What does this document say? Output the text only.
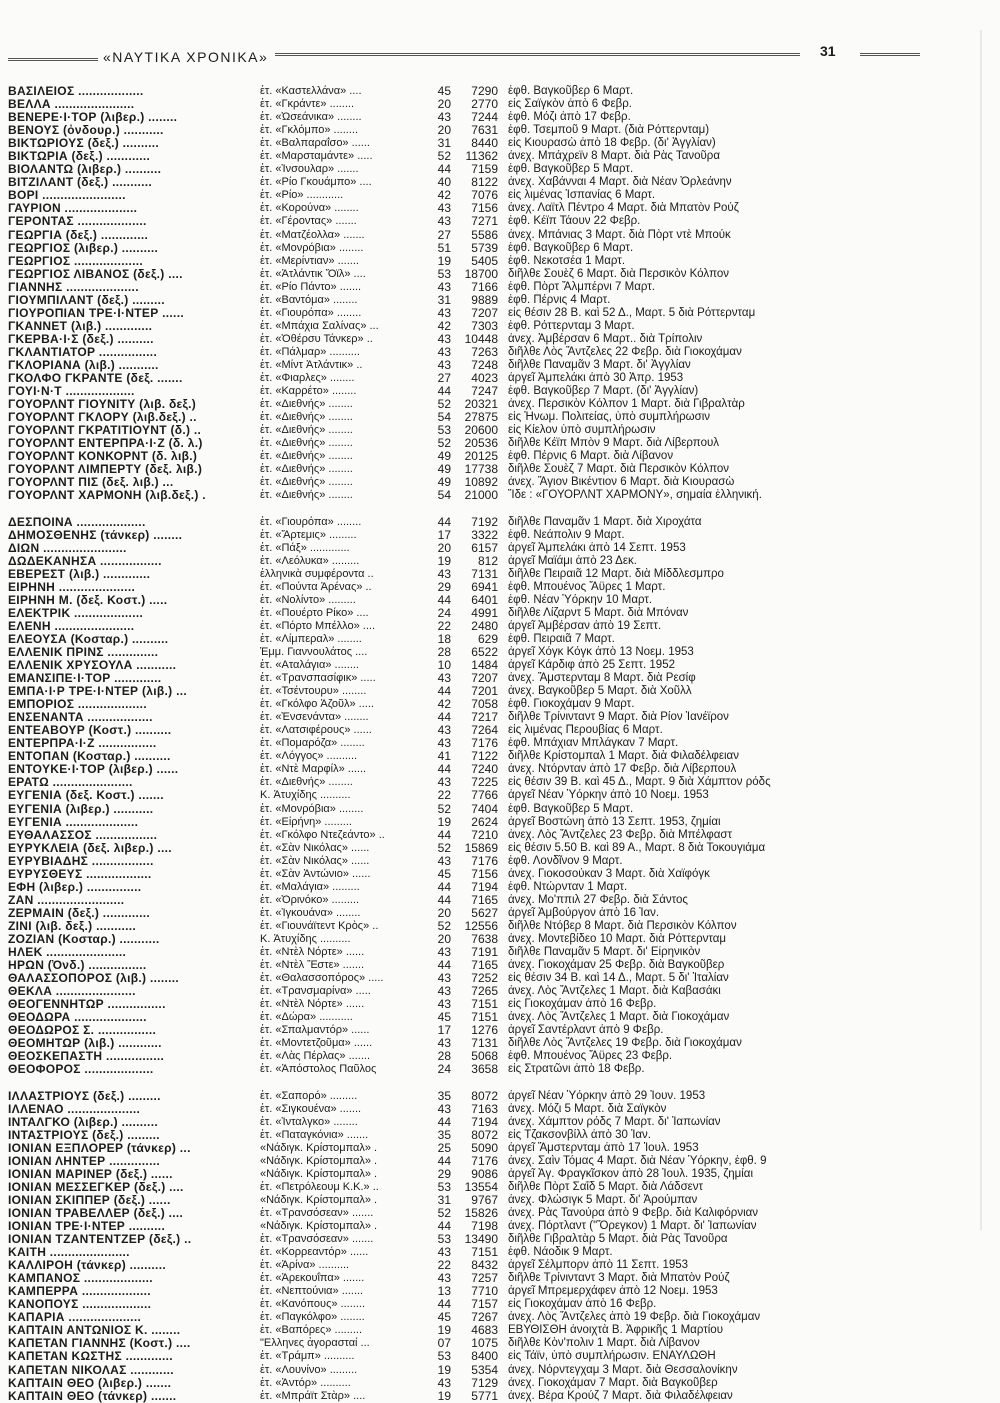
«ΝΑΥΤΙΚΑ ΧΡΟΝΙΚΑ»	31
ΒΑΣΙΛΕΙΟΣ ..................	ἐτ. «Καστελλάνα» ....	45	7290 ἐφθ. Βαγκοῦβερ 6 Μαρτ.
ΒΕΛΛΑ ......................	ἐτ. «Γκράντε» ........	20	2770 εἰς Σαϊγκὸν ἀπὸ 6 Φεβρ.
ΒΕΝΕΡΕ·Ι·ΤΟΡ (λιβερ.) ........	ἐτ. «Ὠσεάνικα» ........	43	7244 ἐφθ. Μόζι ἀπὸ 17 Φεβρ.
ΒΕΝΟΥΣ (ὀνδουρ.) ...........	ἐτ. «Γκλόμπο» ........	20	7631 ἐφθ. Τσεμποῦ 9 Μαρτ. (διὰ Ρόττερνταμ)
ΒΙΚΤΩΡΙΟΥΣ (δεξ.) ..........	ἐτ. «Βαλπαραΐσο» ......	31	8440 εἰς Κιουρασὼ ἀπὸ 18 Φεβρ. (δι' Ἀγγλίαν)
ΒΙΚΤΩΡΙΑ (δεξ.) ............	ἐτ. «Μαρσταμάντε» .....	52	11362 ἀνεχ. Μπάχρεϊν 8 Μαρτ. διὰ Ρὰς Τανοῦρα
ΒΙΟΛΑΝΤΩ (λιβερ.) ..........	ἐτ. «Ἰνσουλαρ» .......	44	7159 ἐφθ. Βαγκοῦβερ 5 Μαρτ.
ΒΙΤΖΙΛΑΝΤ (δεξ.) ...........	ἐτ. «Ρίο Γκουάμπο» ....	40	8122 ἀνεχ. Χαβάνναι 4 Μαρτ. διὰ Νέαν Ὀρλεάνην
ΒΟΡΙ .......................	ἐτ. «Ρίο» ............	42	7076 εἰς λιμένας Ἱσπανίας 6 Μαρτ.
ΓΑΥΡΙΟΝ ....................	ἐτ. «Κορούνα» ........	43	7156 ἀνεχ. Λαϊτλ Πέντρο 4 Μαρτ. διὰ Μπατὸν Ρούζ
ΓΕΡΟΝΤΑΣ ...................	ἐτ. «Γέροντας» .......	43	7271 ἐφθ. Κέϊπ Τάουν 22 Φεβρ.
ΓΕΩΡΓΙΑ (δεξ.) .............	ἐτ. «Ματζέολλα» .......	27	5586 ἀνεχ. Μπάνιας 3 Μαρτ. διὰ Πὸρτ ντὲ Μπούκ
ΓΕΩΡΓΙΟΣ (λιβερ.) ..........	ἐτ. «Μονρόβια» ........	51	5739 ἐφθ. Βαγκοῦβερ 6 Μαρτ.
ΓΕΩΡΓΙΟΣ ...................	ἐτ. «Μερίντιαν» .......	19	5405 ἐφθ. Νεκοτσέα 1 Μαρτ.
ΓΕΩΡΓΙΟΣ ΛΙΒΑΝΟΣ (δεξ.) ....	ἐτ. «Ἀτλάντικ Ὄϊλ» ....	53	18700 διῆλθε Σουὲζ 6 Μαρτ. διὰ Περσικὸν Κόλπον
ΓΙΑΝΝΗΣ ....................	ἐτ. «Ρίο Πάντο» .......	43	7166 ἐφθ. Πὸρτ Ἄλμπέρνι 7 Μαρτ.
ΓΙΟΥΜΠΙΛΑΝΤ (δεξ.) .........	ἐτ. «Βαντόμα» ........	31	9889 ἐφθ. Πέρνις 4 Μαρτ.
ΓΙΟΥΡΟΠΙΑΝ ΤΡΕ·Ι·ΝΤΕΡ ......	ἐτ. «Γιουρόπα» ........	43	7207 εἰς θέσιν 28 Β. καὶ 52 Δ., Μαρτ. 5 διὰ Ρόττερνταμ
ΓΚΑΝΝΕΤ (λιβ.) .............	ἐτ. «Μπάχια Σαλίνας» ...	42	7303 ἐφθ. Ρόττερνταμ 3 Μαρτ.
ΓΚΕΡΒΑ·Ι·Σ (δεξ.) ..........	ἐτ. «Ὀθέρσυ Τάνκερ» ..	43	10448 ἀνεχ. Ἀμβέρσαν 6 Μαρτ.. διὰ Τρίπολιν
ΓΚΛΑΝΤΙΑΤΟΡ ................	ἐτ. «Πάλμαρ» ..........	43	7263 διῆλθε Λὸς Ἄντζελες 22 Φεβρ. διὰ Γιοκοχάμαν
ΓΚΛΟΡΙΑΝΑ (λιβ.) ...........	ἐτ. «Μίντ Ἀτλάντικ» ..	43	7248 διῆλθε Παναμᾶν 3 Μαρτ. δι' Ἀγγλίαν
ΓΚΟΛΦΟ ΓΚΡΑΝΤΕ (δεξ. .......	ἐτ. «Φιαρλες» ........	27	4023 ἀργεῖ Ἀμπελάκι ἀπὸ 30 Ἀπρ. 1953
ΓΟΥΙ·Ν·Τ ...................	ἐτ. «Καρρέτο» ........	44	7247 ἐφθ. Βαγκοῦβερ 7 Μαρτ. (δι' Ἀγγλίαν)
ΓΟΥΟΡΛΝΤ ΓΙΟΥΝΙΤΥ (λιβ. δεξ.)	ἐτ. «Διεθνής» ........	52	20321 ἀνεχ. Περσικὸν Κόλπον 1 Μαρτ. διὰ Γιβραλτὰρ
ΓΟΥΟΡΛΝΤ ΓΚΛΟΡΥ (λιβ.δεξ.) ..	ἐτ. «Διεθνής» ........	54	27875 εἰς Ἡνωμ. Πολιτείας, ὑπὸ συμπλήρωσιν
ΓΟΥΟΡΛΝΤ ΓΚΡΑΤΙΤΙΟΥΝΤ (δ.) ..	ἐτ. «Διεθνής» ........	53	20600 εἰς Κίελον ὑπὸ συμπλήρωσιν
ΓΟΥΟΡΛΝΤ ΕΝΤΕΡΠΡΑ·Ι·Ζ (δ. λ.)	ἐτ. «Διεθνής» ........	52	20536 διῆλθε Κέϊπ Μπὸν 9 Μαρτ. διὰ Λίβερπουλ
ΓΟΥΟΡΛΝΤ ΚΟΝΚΟΡΝΤ (δ. λιβ.)	ἐτ. «Διεθνής» ........	49	20125 ἐφθ. Πέρνις 6 Μαρτ. διὰ Λίβανον
ΓΟΥΟΡΛΝΤ ΛΙΜΠΕΡΤΥ (δεξ. λιβ.)	ἐτ. «Διεθνής» ........	49	17738 διῆλθε Σουὲζ 7 Μαρτ. διὰ Περσικὸν Κόλπον
ΓΟΥΟΡΛΝΤ ΠΙΣ (δεξ. λιβ.) ...	ἐτ. «Διεθνής» ........	49	10892 ἀνεχ. Ἅγιον Βικέντιον 6 Μαρτ. διὰ Κιουρασὼ
ΓΟΥΟΡΛΝΤ ΧΑΡΜΟΝΗ (λιβ.δεξ.) .	ἐτ. «Διεθνής» ........	54	21000 Ἴδε : «ΓΟΥΟΡΛΝΤ ΧΑΡΜΟΝΥ», σημαία ἑλληνική.
ΔΕΣΠΟΙΝΑ ...................	ἐτ. «Γιουρόπα» ........	44	7192 διῆλθε Παναμᾶν 1 Μαρτ. διὰ Χιροχάτα
ΔΗΜΟΣΘΕΝΗΣ (τάνκερ) ........	ἐτ. «Ἄρτεμις» .........	17	3322 ἐφθ. Νεάπολιν 9 Μαρτ.
ΔΙΩΝ .......................	ἐτ. «Πάξ» .............	20	6157 ἀργεῖ Ἀμπελάκι ἀπὸ 14 Σεπτ. 1953
ΔΩΔΕΚΑΝΗΣΑ .................	ἐτ. «Λεόλυκα» .........	19	812 ἀργεῖ Μαϊάμι ἀπὸ 23 Δεκ.
ΕΒΕΡΕΣΤ (λιβ.) .............	ἑλληνικὰ συμφέροντα ..	43	7131 διῆλθε Πειραιᾶ 12 Μαρτ. διὰ Μίδδλεσμπρο
ΕΙΡΗΝΗ .....................	ἐτ. «Πούντα Ἀρένας» ..	29	6941 ἐφθ. Μπουένος Ἄϋρες 1 Μαρτ.
ΕΙΡΗΝΗ Μ. (δεξ. Κοστ.) .....	ἐτ. «Νολίντο» .........	44	6401 ἐφθ. Νέαν Ὑόρκην 10 Μαρτ.
ΕΛΕΚΤΡΙΚ ...................	ἐτ. «Πουέρτο Ρίκο» ....	24	4991 διῆλθε Λίζαρντ 5 Μαρτ. διὰ Μπόναν
ΕΛΕΝΗ ......................	ἐτ. «Πόρτο Μπέλλο» ....	22	2480 ἀργεῖ Ἀμβέρσαν ἀπὸ 19 Σεπτ.
ΕΛΕΟΥΣΑ (Κοσταρ.) ..........	ἐτ. «Λίμπεραλ» ........	18	629 ἐφθ. Πειραιᾶ 7 Μαρτ.
ΕΛΛΕΝΙΚ ΠΡΙΝΣ ..............	Ἐμμ. Γιαννουλάτος ....	28	6522 ἀργεῖ Χόγκ Κόγκ ἀπὸ 13 Νοεμ. 1953
ΕΛΛΕΝΙΚ ΧΡΥΣΟΥΛΑ ...........	ἐτ. «Αταλάγια» ........	10	1484 ἀργεῖ Κάρδιφ ἀπὸ 25 Σεπτ. 1952
ΕΜΑΝΣΙΠΕ·Ι·ΤΟΡ .............	ἐτ. «Τρανσπασίφικ» .....	43	7207 ἀνεχ. Ἄμστερνταμ 8 Μαρτ. διὰ Ρεσίφ
ΕΜΠΑ·Ι·Ρ ΤΡΕ·Ι·ΝΤΕΡ (λιβ.) ...	ἐτ. «Τσέντουρυ» ........	44	7201 ἀνεχ. Βαγκοῦβερ 5 Μαρτ. διὰ Χοῦλλ
ΕΜΠΟΡΙΟΣ ...................	ἐτ. «Γκόλφο Ἀζοῦλ» .....	42	7058 ἐφθ. Γιοκοχάμαν 9 Μαρτ.
ΕΝΣΕΝΑΝΤΑ ..................	ἐτ. «Ἐνσενάντα» ........	44	7217 διῆλθε Τρίνινταντ 9 Μαρτ. διὰ Ρίον Ἰανέϊρον
ΕΝΤΕΑΒΟΥΡ (Κοστ.) ..........	ἐτ. «Λατσιφέρους» ......	43	7264 εἰς λιμένας Περουβίας 6 Μαρτ.
ΕΝΤΕΡΠΡΑ·Ι·Ζ ................	ἐτ. «Πομαρόζα» ........	43	7176 ἐφθ. Μπάχιαν Μπλάγκαν 7 Μαρτ.
ΕΝΤΟΠΑΝ (Κοσταρ.) ..........	ἐτ. «Λόγγος» ..........	41	7122 διῆλθε Κρίστομπαλ 1 Μαρτ. διὰ Φιλαδέλφειαν
ΕΝΤΟΥΚΕ·Ι·ΤΟΡ (λιβερ.) ......	ἐτ. «Ντὲ Μαρφίλ» ......	44	7240 ἀνεχ. Ντόρνταν ἀπὸ 17 Φεβρ. διὰ Λίβερπουλ
ΕΡΑΤΩ ......................	ἐτ. «Διεθνής» ........	43	7225 εἰς θέσιν 39 Β. καὶ 45 Δ., Μαρτ. 9 διὰ Χάμπτον ρόδς
ΕΥΓΕΝΙΑ (δεξ. Κοστ.) .......	Κ. Ἀτυχίδης ..........	22	7766 ἀργεῖ Νέαν Ὑόρκην ἀπὸ 10 Νοεμ. 1953
ΕΥΓΕΝΙΑ (λιβερ.) ...........	ἐτ. «Μονρόβια» ........	52	7404 ἐφθ. Βαγκοῦβερ 5 Μαρτ.
ΕΥΓΕΝΙΑ ....................	ἐτ. «Εἰρήνη» .........	19	2624 ἀργεῖ Βοστώνη ἀπὸ 13 Σεπτ. 1953, ζημίαι
ΕΥΘΑΛΑΣΣΟΣ .................	ἐτ. «Γκόλφο Ντεζεάντο» ..	44	7210 ἀνεχ. Λὸς Ἄντζελες 23 Φεβρ. διὰ Μπέλφαστ
ΕΥΡΥΚΛΕΙΑ (δεξ. λιβερ.) ....	ἐτ. «Σὰν Νικόλας» ......	52	15869 εἰς θέσιν 5.50 Β. καὶ 89 Α., Μαρτ. 8 διὰ Τοκουγιάμα
ΕΥΡΥΒΙΑΔΗΣ .................	ἐτ. «Σὰν Νικόλας» ......	43	7176 ἐφθ. Λονδῖνον 9 Μαρτ.
ΕΥΡΥΣΘΕΥΣ ..................	ἐτ. «Σὰν Ἀντώνιο» ......	45	7156 ἀνεχ. Γιοκοσούκαν 3 Μαρτ. διὰ Χαϊφόγκ
ΕΦΗ (λιβερ.) ...............	ἐτ. «Μαλάγια» .........	44	7194 ἐφθ. Ντώρνταν 1 Μαρτ.
ΖΑΝ ........................	ἐτ. «Ὀρινόκο» .........	44	7165 ἀνεχ. Μο'ππιλ 27 Φεβρ. διὰ Σάντος
ΖΕΡΜΑΙΝ (δεξ.) .............	ἐτ. «Ἰγκουάνα» ........	20	5627 ἀργεῖ Ἀμβούργον ἀπὸ 16 Ἰαν.
ΖΙΝΙ (λιβ. δεξ.) ...........	ἐτ. «Γιουνάϊτεντ Κρὸς» ..	52	12556 διῆλθε Ντόβερ 8 Μαρτ. διὰ Περσικὸν Κόλπον
ΖΟΖΙΑΝ (Κοσταρ.) ...........	Κ. Ἀτυχίδης ..........	20	7638 ἀνεχ. Μοντεβίδεο 10 Μαρτ. διὰ Ρόττερνταμ
ΗΛΕΚ ......................	ἐτ. «Ντὲλ Νόρτε» ......	43	7191 διῆλθε Παναμᾶν 5 Μαρτ. δι' Εἰρηνικὸν
ΗΡΩΝ (Ὀνδ.) ................	ἐτ. «Ντὲλ Ἔστε» .......	44	7165 ἀνεχ. Γιοκοχάμαν 25 Φεβρ. διὰ Βαγκοῦβερ
ΘΑΛΑΣΣΟΠΟΡΟΣ (λιβ.) ........	ἐτ. «Θαλασσοπόρος» .....	43	7252 εἰς θέσιν 34 Β. καὶ 14 Δ., Μαρτ. 5 δι' Ἰταλίαν
ΘΕΚΛΑ ......................	ἐτ. «Τρανσμαρίνα» .....	43	7265 ἀνεχ. Λὸς Ἄντζελες 1 Μαρτ. διὰ Καβασάκι
ΘΕΟΓΕΝΝΗΤΩΡ ................	ἐτ. «Ντὲλ Νόρτε» ......	43	7151 εἰς Γιοκοχάμαν ἀπὸ 16 Φεβρ.
ΘΕΟΔΩΡΑ ....................	ἐτ. «Δώρα» ...........	45	7151 ἀνεχ. Λὸς Ἄντζελες 1 Μαρτ. διὰ Γιοκοχάμαν
ΘΕΟΔΩΡΟΣ Σ. ................	ἐτ. «Σπαλμαντόρ» ......	17	1276 ἀργεῖ Σαντέρλαντ ἀπὸ 9 Φεβρ.
ΘΕΟΜΗΤΩΡ (λιβ.) ............	ἐτ. «Μοντετζοῦμα» ......	43	7131 διῆλθε Λὸς Ἄντζελες 19 Φεβρ. διὰ Γιοκοχάμαν
ΘΕΟΣΚΕΠΑΣΤΗ ................	ἐτ. «Λὰς Πέρλας» .......	28	5068 ἐφθ. Μπουένος Ἄϋρες 23 Φεβρ.
ΘΕΟΦΟΡΟΣ ...................	ἐτ. «Ἀπόστολος Παῦλος	24	3658 εἰς Στρατῶνι ἀπὸ 18 Φεβρ.
ΙΛΛΑΣΤΡΙΟΥΣ (δεξ.) .........	ἐτ. «Σαπορό» .........	35	8072 ἀργεῖ Νέαν Ὑόρκην ἀπὸ 29 Ἰουν. 1953
ΙΛΛΕΝΑΟ ....................	ἐτ. «Σιγκουένα» .......	43	7163 ἀνεχ. Μόζι 5 Μαρτ. διὰ Σαϊγκὸν
ΙΝΤΑΛΓΚΟ (λιβερ.) ..........	ἐτ. «Ἰνταλγκο» ........	44	7194 ἀνεχ. Χάμπτον ρόδς 7 Μαρτ. δι' Ἰαπωνίαν
ΙΝΤΑΣΤΡΙΟΥΣ (δεξ.) .........	ἐτ. «Παταγκόνια» .......	35	8072 εἰς Τζακσονβίλλ ἀπὸ 30 Ἰαν.
ΙΟΝΙΑΝ ΕΞΠΛΟΡΕΡ (τάνκερ) ...	«Νάδιγκ. Κρίστομπαλ» .	25	5090 ἀργεῖ Ἄμστερνταμ ἀπὸ 17 Ἰουλ. 1953
ΙΟΝΙΑΝ ΛΗΝΤΕΡ ..............	«Νάδιγκ. Κρίστομπαλ» .	44	7176 ἀνεχ. Σαὶν Τόμας 4 Μαρτ. διὰ Νέαν Ὑόρκην, ἐφθ. 9
ΙΟΝΙΑΝ ΜΑΡΙΝΕΡ (δεξ.) ......	«Νάδιγκ. Κρίστομπαλ» .	29	9086 ἀργεῖ Ἀγ. Φραγκῖσκον ἀπὸ 28 Ἰουλ. 1935, ζημίαι
ΙΟΝΙΑΝ ΜΕΣΣΕΓΚΕΡ (δεξ.) ....	ἐτ. «Πετρόλεουμ Κ.Κ.» ..	53	13554 διῆλθε Πὸρτ Σαΐδ 5 Μαρτ. διὰ Λάδσεντ
ΙΟΝΙΑΝ ΣΚΙΠΠΕΡ (δεξ.) ......	«Νάδιγκ. Κρίστομπαλ» .	31	9767 ἀνεχ. Φλώσιγκ 5 Μαρτ. δι' Ἀρούμπαν
ΙΟΝΙΑΝ ΤΡΑΒΕΛΛΕΡ (δεξ.) ....	ἐτ. «Τρανσόσεαν» .......	52	15826 ἀνεχ. Ρὰς Τανούρα ἀπὸ 9 Φεβρ. διὰ Καλιφόρνιαν
ΙΟΝΙΑΝ ΤΡΕ·Ι·ΝΤΕΡ ..........	«Νάδιγκ. Κρίστομπαλ» .	44	7198 ἀνεχ. Πόρτλαντ ("Ὄρεγκον) 1 Μαρτ. δι' Ἰαπωνίαν
ΙΟΝΙΑΝ ΤΖΑΝΤΕΝΤΖΕΡ (δεξ.) ..	ἐτ. «Τρανσόσεαν» .......	53	13490 διῆλθε Γιβραλτὰρ 5 Μαρτ. διὰ Ρὰς Τανοῦρα
ΚΑΙΤΗ ......................	ἐτ. «Κορρεαντόρ» ......	43	7151 ἐφθ. Νάοδικ 9 Μαρτ.
ΚΑΛΛΙΡΟΗ (τάνκερ) ..........	ἐτ. «Ἀρίνα» ..........	22	8432 ἀργεῖ Σέλμπορν ἀπὸ 11 Σεπτ. 1953
ΚΑΜΠΑΝΟΣ ...................	ἐτ. «Ἀρεκουΐπα» .......	43	7257 διῆλθε Τρίνινταντ 3 Μαρτ. διὰ Μπατὸν Ρούζ
ΚΑΜΠΕΡΡΑ ...................	ἐτ. «Νεπτούνια» .......	13	7710 ἀργεῖ Μπρεμερχάφεν ἀπὸ 12 Νοεμ. 1953
ΚΑΝΟΠΟΥΣ ...................	ἐτ. «Κανόπους» ........	44	7157 εἰς Γιοκοχάμαν ἀπὸ 16 Φεβρ.
ΚΑΠΑΡΙΑ ....................	ἐτ. «Παγκόλφο» ........	45	7267 ἀνεχ. Λὸς Ἄντζελες ἀπὸ 19 Φεβρ. διὰ Γιοκοχάμαν
ΚΑΠΤΑΙΝ ΑΝΤΩΝΙΟΣ Κ. ........	ἐτ. «Βαπόρες» .........	19	4683 ΕΒΥΘΙΣΘΗ ἀνοιχτὰ Β. Ἀφρικῆς 1 Μαρτίου
ΚΑΠΕΤΑΝ ΓΙΑΝΝΗΣ (Κοστ.) ....	"Ελληνες ἀγορασταί ...	07	1075 διῆλθε Κὸν'πολιν 1 Μαρτ. διὰ Λίβανον
ΚΑΠΕΤΑΝ ΚΩΣΤΗΣ .............	ἐτ. «Τράμπ» ..........	53	8400 εἰς Τάϊν, ὑπὸ συμπλήρωσιν. ΕΝΑΥΛΩΘΗ
ΚΑΠΕΤΑΝ ΝΙΚΟΛΑΣ ............	ἐτ. «Λουνίνο» .........	19	5354 ἀνεχ. Νόρντεγχαμ 3 Μαρτ. διὰ Θεσσαλονίκην
ΚΑΠΤΑΙΝ ΘΕΟ (λιβερ.) .......	ἐτ. «Ἀντόρ» ..........	43	7129 ἀνεχ. Γιοκοχάμαν 7 Μαρτ. διὰ Βαγκοῦβερ
ΚΑΠΤΑΙΝ ΘΕΟ (τάνκερ) .......	ἐτ. «Μπράϊτ Στὰρ» ....	19	5771 ἀνεχ. Βέρα Κρούζ 7 Μαρτ. διὰ Φιλαδέλφειαν
